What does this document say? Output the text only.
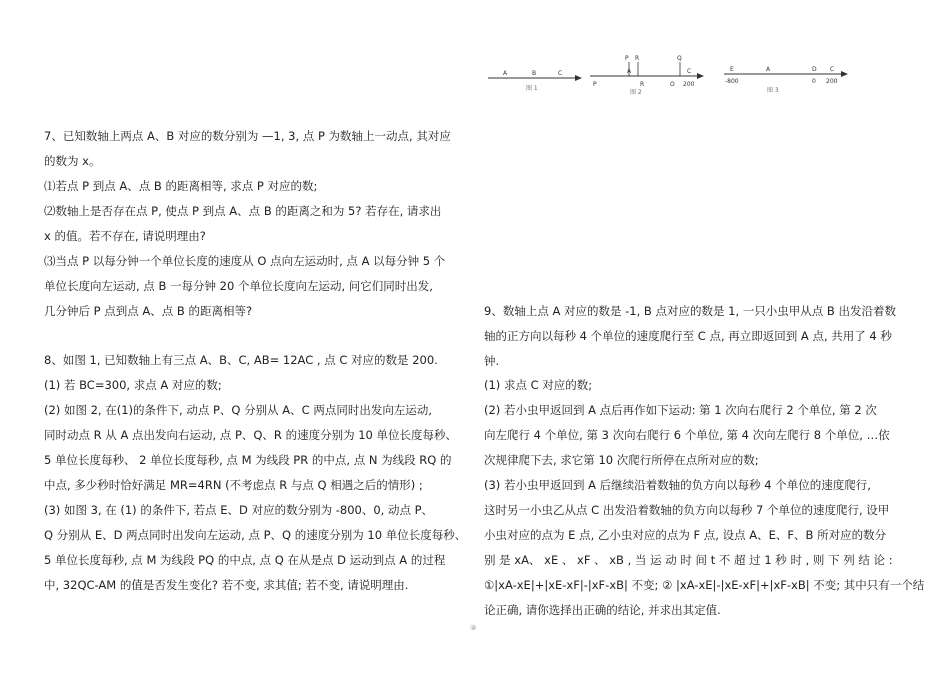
A	B	C
图 1
P R	Q
P
A
R	O
C
200
图 2
E	A	D C
-800	0 200
图 3
7、已知数轴上两点 A、B 对应的数分别为 —1, 3, 点 P 为数轴上一动点, 其对应
的数为 x。
⑴若点 P 到点 A、点 B 的距离相等, 求点 P 对应的数;
⑵数轴上是否存在点 P, 使点 P 到点 A、点 B 的距离之和为 5? 若存在, 请求出
x 的值。若不存在, 请说明理由?
⑶当点 P 以每分钟一个单位长度的速度从 O 点向左运动时, 点 A 以每分钟 5 个
单位长度向左运动, 点 B 一每分钟 20 个单位长度向左运动, 问它们同时出发,
几分钟后 P 点到点 A、点 B 的距离相等?
8、如图 1, 已知数轴上有三点 A、B、C, AB= 12AC , 点 C 对应的数是 200.
(1) 若 BC=300, 求点 A 对应的数;
(2) 如图 2, 在(1)的条件下, 动点 P、Q 分别从 A、C 两点同时出发向左运动,
同时动点 R 从 A 点出发向右运动, 点 P、Q、R 的速度分别为 10 单位长度每秒、
5 单位长度每秒、 2 单位长度每秒, 点 M 为线段 PR 的中点, 点 N 为线段 RQ 的
中点, 多少秒时恰好满足 MR=4RN (不考虑点 R 与点 Q 相遇之后的情形) ;
(3) 如图 3, 在 (1) 的条件下, 若点 E、D 对应的数分别为 -800、0, 动点 P、
Q 分别从 E、D 两点同时出发向左运动, 点 P、Q 的速度分别为 10 单位长度每秒、
5 单位长度每秒, 点 M 为线段 PQ 的中点, 点 Q 在从是点 D 运动到点 A 的过程
中, 32QC-AM 的值是否发生变化? 若不变, 求其值; 若不变, 请说明理由.
9、数轴上点 A 对应的数是 -1, B 点对应的数是 1, 一只小虫甲从点 B 出发沿着数
轴的正方向以每秒 4 个单位的速度爬行至 C 点, 再立即返回到 A 点, 共用了 4 秒
钟.
(1) 求点 C 对应的数;
(2) 若小虫甲返回到 A 点后再作如下运动: 第 1 次向右爬行 2 个单位, 第 2 次
向左爬行 4 个单位, 第 3 次向右爬行 6 个单位, 第 4 次向左爬行 8 个单位, …依
次规律爬下去, 求它第 10 次爬行所停在点所对应的数;
(3) 若小虫甲返回到 A 后继续沿着数轴的负方向以每秒 4 个单位的速度爬行,
这时另一小虫乙从点 C 出发沿着数轴的负方向以每秒 7 个单位的速度爬行, 设甲
小虫对应的点为 E 点, 乙小虫对应的点为 F 点, 设点 A、E、F、B 所对应的数分
别 是 xA、 xE 、 xF 、 xB , 当 运 动 时 间 t 不 超 过 1 秒 时 , 则 下 列 结 论 :
①|xA-xE|+|xE-xF|-|xF-xB| 不变; ② |xA-xE|-|xE-xF|+|xF-xB| 不变; 其中只有一个结
论正确, 请你选择出正确的结论, 并求出其定值.
③
